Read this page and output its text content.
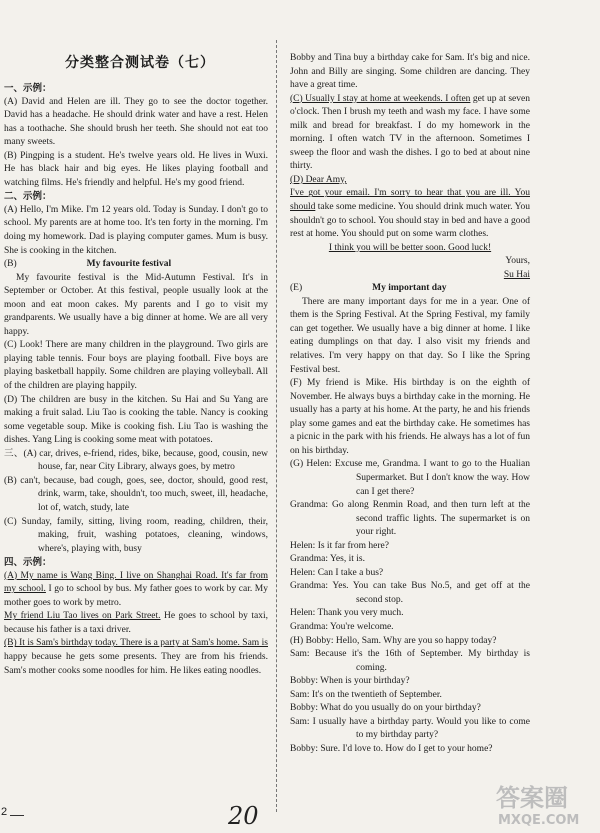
分类整合测试卷（七）

一、示例：

(A) David and Helen are ill. They go to see the doctor together. David has a headache. He should drink water and have a rest. Helen has a toothache. She should brush her teeth. She should not eat too many sweets.

(B) Pingping is a student. He's twelve years old. He lives in Wuxi. He has black hair and big eyes. He likes playing football and watching films. He's friendly and helpful. He's my good friend.

二、示例：

(A) Hello, I'm Mike. I'm 12 years old. Today is Sunday. I don't go to school. My parents are at home too. It's ten forty in the morning. I'm doing my homework. Dad is playing computer games. Mum is busy. She is cooking in the kitchen.

(B)	My favourite festival

My favourite festival is the Mid-Autumn Festival. It's in September or October. At this festival, people usually look at the moon and eat moon cakes. My parents and I go to visit my grandparents. We usually have a big dinner at home. We are all very happy.

(C) Look! There are many children in the playground. Two girls are playing table tennis. Four boys are playing football. Five boys are playing basketball happily. Some children are playing volleyball. All of the children are playing happily.

(D) The children are busy in the kitchen. Su Hai and Su Yang are making a fruit salad. Liu Tao is cooking the table. Nancy is cooking some vegetable soup. Mike is cooking fish. Liu Tao is washing the dishes. Yang Ling is cooking some meat with potatoes.

三、(A) car, drives, e-friend, rides, bike, because, good, cousin, new house, far, near City Library, always goes, by metro

(B) can't, because, bad cough, goes, see, doctor, should, good rest, drink, warm, take, shouldn't, too much, sweet, ill, headache, lot of, watch, study, late

(C) Sunday, family, sitting, living room, reading, children, their, making, fruit, washing potatoes, cleaning, windows, where's, playing with, busy

四、示例：

(A) My name is Wang Bing. I live on Shanghai Road. It's far from my school. I go to school by bus. My father goes to work by car. My mother goes to work by metro.

My friend Liu Tao lives on Park Street. He goes to school by taxi, because his father is a taxi driver.

(B) It is Sam's birthday today. There is a party at Sam's home. Sam is happy because he gets some presents. They are from his friends. Sam's mother cooks some noodles for him. He likes eating noodles.

Bobby and Tina buy a birthday cake for Sam. It's big and nice. John and Billy are singing. Some children are dancing. They have a great time.

(C) Usually I stay at home at weekends. I often get up at seven o'clock. Then I brush my teeth and wash my face. I have some milk and bread for breakfast. I do my homework in the morning. I often watch TV in the afternoon. Sometimes I sweep the floor and wash the dishes. I go to bed at about nine thirty.

(D) Dear Amy,

I've got your email. I'm sorry to hear that you are ill. You should take some medicine. You should drink much water. You shouldn't go to school. You should stay in bed and have a good rest at home. You should put on some warm clothes.

I think you will be better soon. Good luck!

Yours,

Su Hai

(E)	My important day

There are many important days for me in a year. One of them is the Spring Festival. At the Spring Festival, my family can get together. We usually have a big dinner at home. I like eating dumplings on that day. I also visit my friends and relatives. I'm very happy on that day. So I like the Spring Festival best.

(F) My friend is Mike. His birthday is on the eighth of November. He always buys a birthday cake in the morning. He usually has a party at his home. At the party, he and his friends play some games and eat the birthday cake. He sometimes has a picnic in the park with his friends. He always has a lot of fun on his birthday.

(G) Helen: Excuse me, Grandma. I want to go to the Hualian Supermarket. But I don't know the way. How can I get there?

Grandma: Go along Renmin Road, and then turn left at the second traffic lights. The supermarket is on your right.

Helen: Is it far from here?

Grandma: Yes, it is.

Helen: Can I take a bus?

Grandma: Yes. You can take Bus No.5, and get off at the second stop.

Helen: Thank you very much.

Grandma: You're welcome.

(H) Bobby: Hello, Sam. Why are you so happy today?

Sam: Because it's the 16th of September. My birthday is coming.

Bobby: When is your birthday?

Sam: It's on the twentieth of September.

Bobby: What do you usually do on your birthday?

Sam: I usually have a birthday party. Would you like to come to my birthday party?

Bobby: Sure. I'd love to. How do I get to your home?

2	20
答案圈
MXQE.COM
